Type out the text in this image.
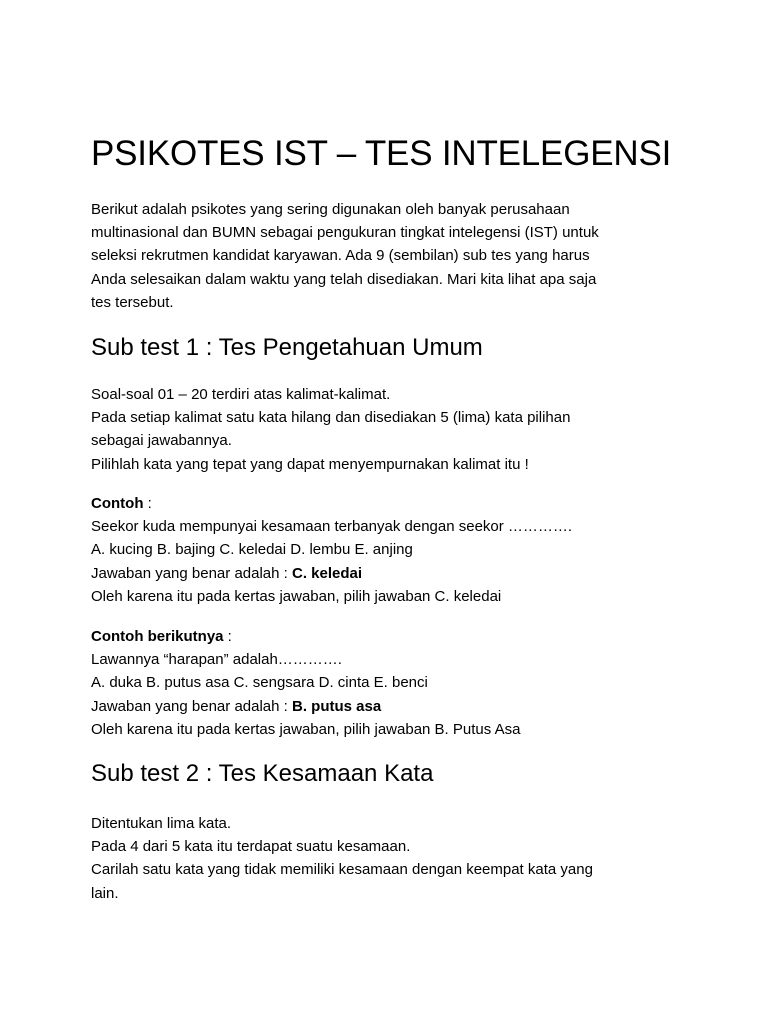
PSIKOTES IST – TES INTELEGENSI

Berikut adalah psikotes yang sering digunakan oleh banyak perusahaan

multinasional dan BUMN sebagai pengukuran tingkat intelegensi (IST) untuk

seleksi rekrutmen kandidat karyawan. Ada 9 (sembilan) sub tes yang harus

Anda selesaikan dalam waktu yang telah disediakan. Mari kita lihat apa saja

tes tersebut.

Sub test 1 : Tes Pengetahuan Umum

Soal-soal 01 – 20 terdiri atas kalimat-kalimat.

Pada setiap kalimat satu kata hilang dan disediakan 5 (lima) kata pilihan

sebagai jawabannya.

Pilihlah kata yang tepat yang dapat menyempurnakan kalimat itu !

Contoh :

Seekor kuda mempunyai kesamaan terbanyak dengan seekor ………….

A. kucing B. bajing C. keledai D. lembu E. anjing

Jawaban yang benar adalah : C. keledai

Oleh karena itu pada kertas jawaban, pilih jawaban C. keledai

Contoh berikutnya :

Lawannya “harapan” adalah………….

A. duka B. putus asa C. sengsara D. cinta E. benci

Jawaban yang benar adalah : B. putus asa

Oleh karena itu pada kertas jawaban, pilih jawaban B. Putus Asa

Sub test 2 : Tes Kesamaan Kata

Ditentukan lima kata.

Pada 4 dari 5 kata itu terdapat suatu kesamaan.

Carilah satu kata yang tidak memiliki kesamaan dengan keempat kata yang

lain.
